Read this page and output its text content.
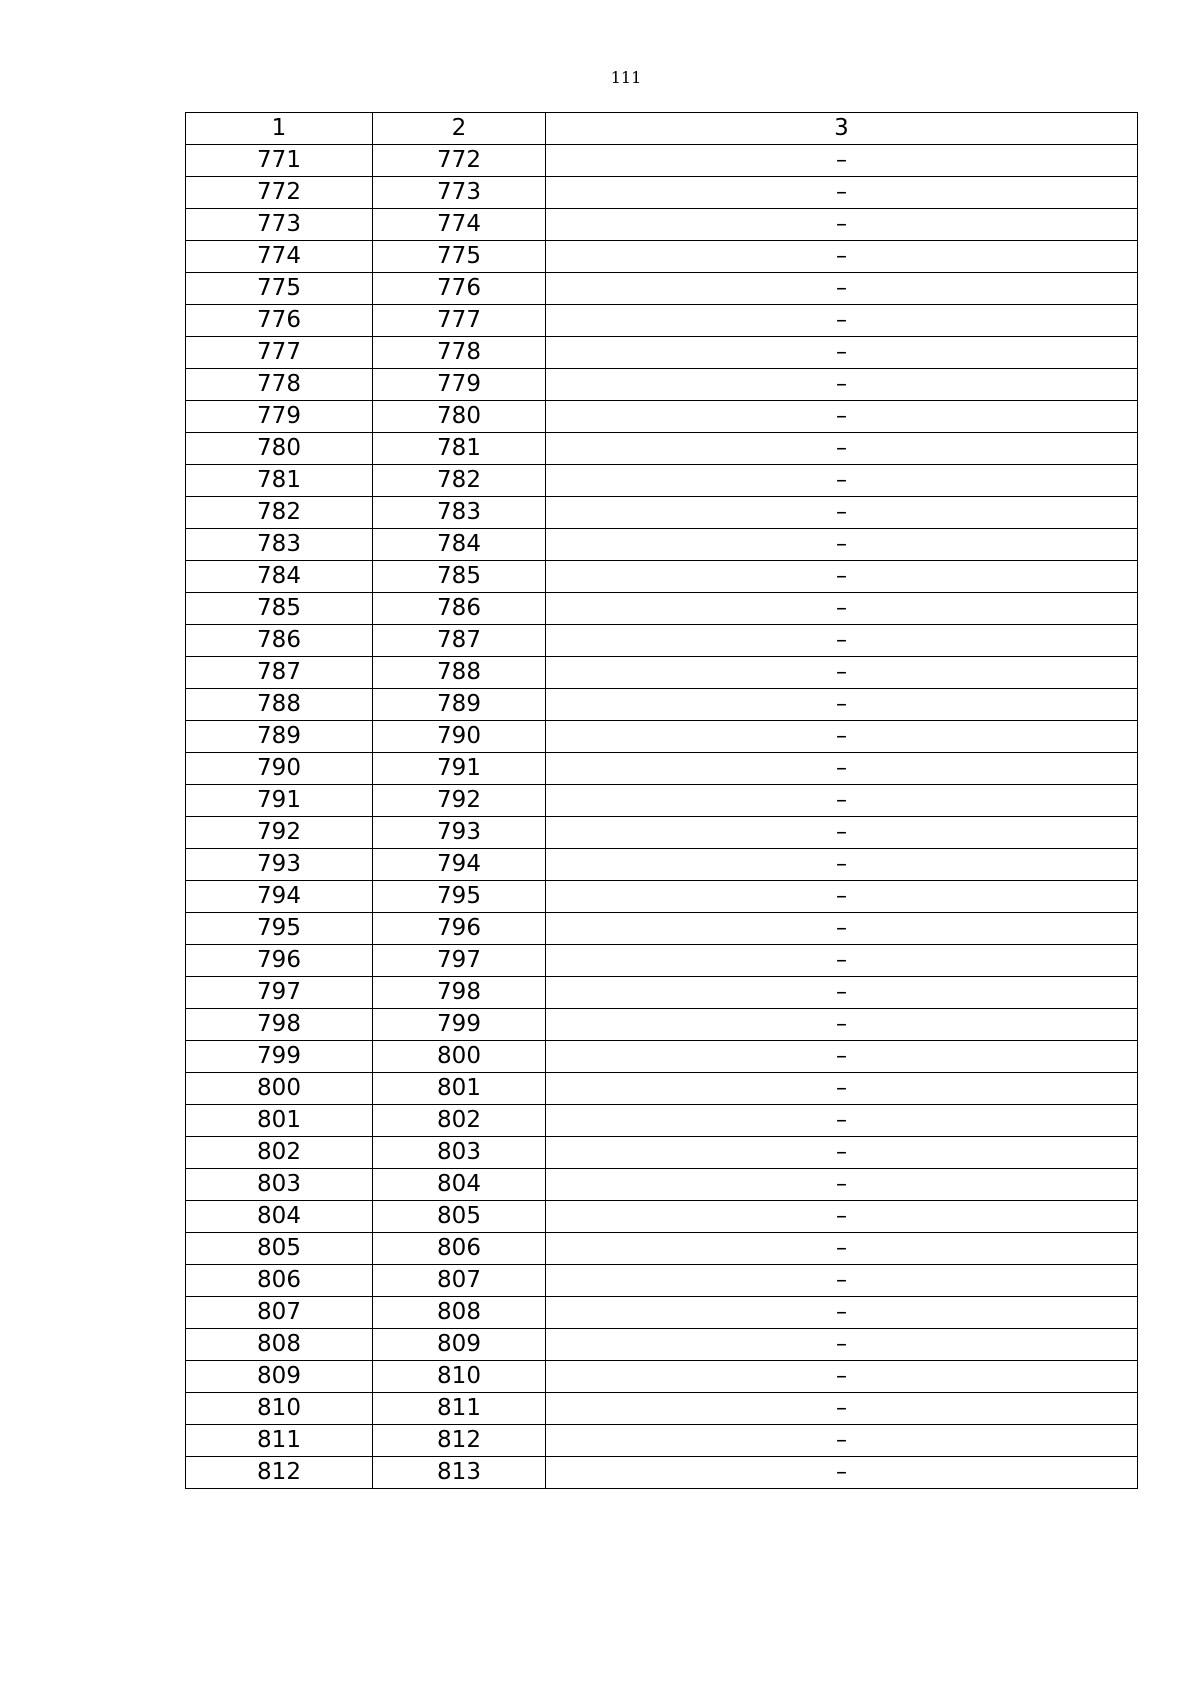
111
1	2	3
771	772	–
772	773	–
773	774	–
774	775	–
775	776	–
776	777	–
777	778	–
778	779	–
779	780	–
780	781	–
781	782	–
782	783	–
783	784	–
784	785	–
785	786	–
786	787	–
787	788	–
788	789	–
789	790	–
790	791	–
791	792	–
792	793	–
793	794	–
794	795	–
795	796	–
796	797	–
797	798	–
798	799	–
799	800	–
800	801	–
801	802	–
802	803	–
803	804	–
804	805	–
805	806	–
806	807	–
807	808	–
808	809	–
809	810	–
810	811	–
811	812	–
812	813	–
